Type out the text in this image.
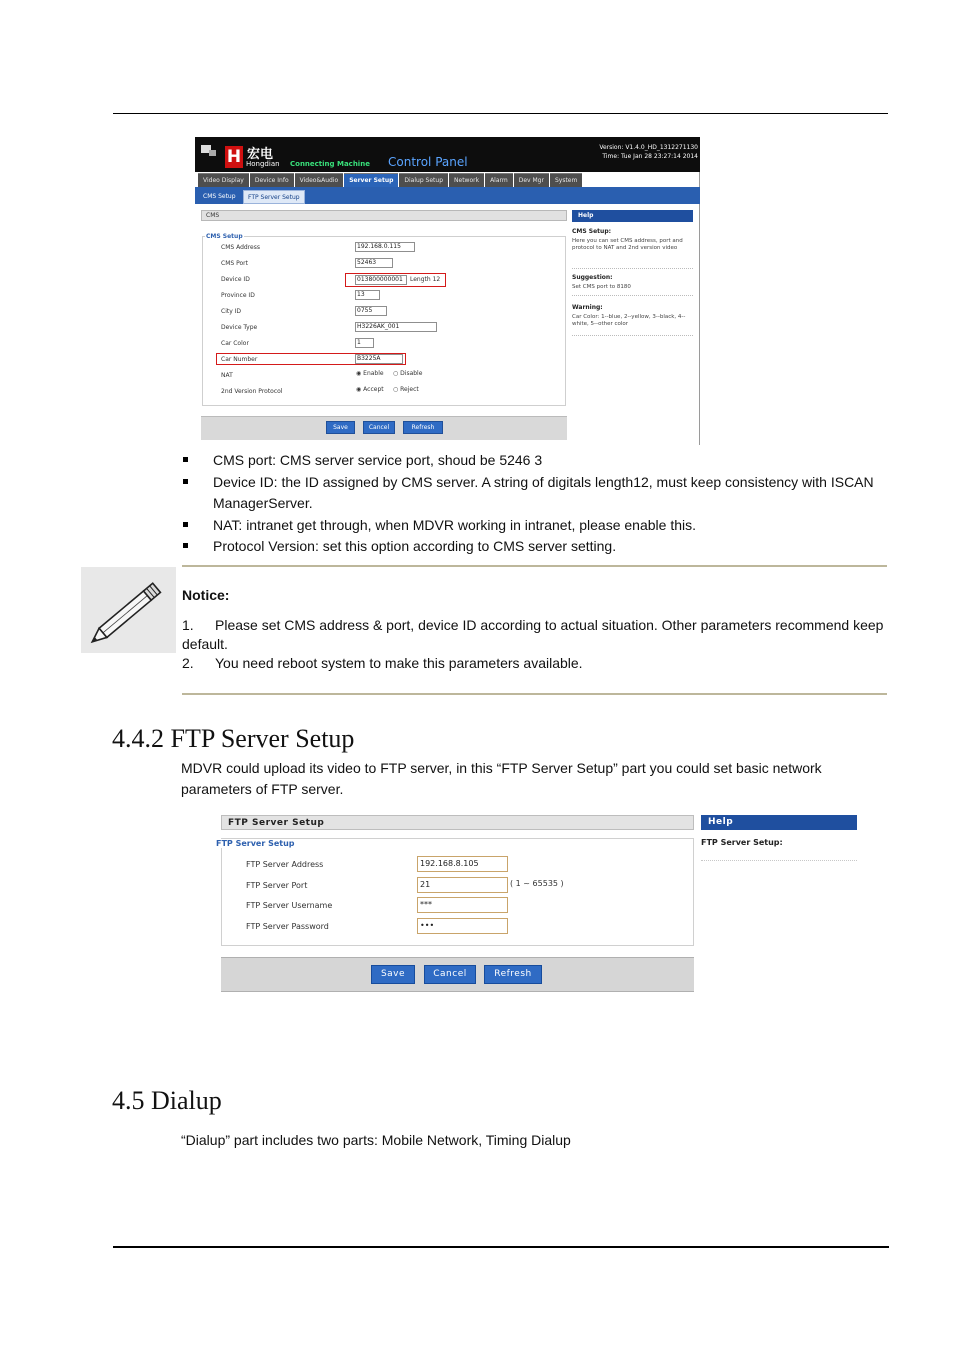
H 宏电
Hongdian Connecting Machine Control Panel
Version: V1.4.0_HD_1312271130
Time: Tue Jan 28 23:27:14 2014
Video Display	Device Info	Video&Audio	Server Setup	Dialup Setup	Network	Alarm	Dev Mgr	System
CMS Setup	FTP Server Setup
CMS
CMS Setup
CMS Address	192.168.0.115
CMS Port	52463
Device ID	013800000001	Length 12
Province ID	13
City ID	0755
Device Type	H3226AK_001
Car Color	1
Car Number	B3225A
NAT	◉ Enable ○ Disable
2nd Version Protocol	◉ Accept ○ Reject
Save	Cancel	Refresh
Help
CMS Setup:
Here you can set CMS address, port and protocol to NAT and 2nd version video
Suggestion:
Set CMS port to 8180
Warning:
Car Color: 1--blue, 2--yellow, 3--black, 4--white, 5--other color
CMS port: CMS server service port, shoud be 5246 3
Device ID: the ID assigned by CMS server. A string of digitals length12, must keep consistency with ISCAN ManagerServer.
NAT: intranet get through, when MDVR working in intranet, please enable this.
Protocol Version: set this option according to CMS server setting.
Notice:
1. Please set CMS address & port, device ID according to actual situation. Other parameters recommend keep default.
2. You need reboot system to make this parameters available.
4.4.2 FTP Server Setup
MDVR could upload its video to FTP server, in this “FTP Server Setup” part you could set basic network parameters of FTP server.
FTP Server Setup
FTP Server Setup
FTP Server Address	192.168.8.105
FTP Server Port	21	( 1 ~ 65535 )
FTP Server Username	***
FTP Server Password	•••
Save	Cancel	Refresh
Help
FTP Server Setup:
4.5 Dialup
“Dialup” part includes two parts: Mobile Network, Timing Dialup
